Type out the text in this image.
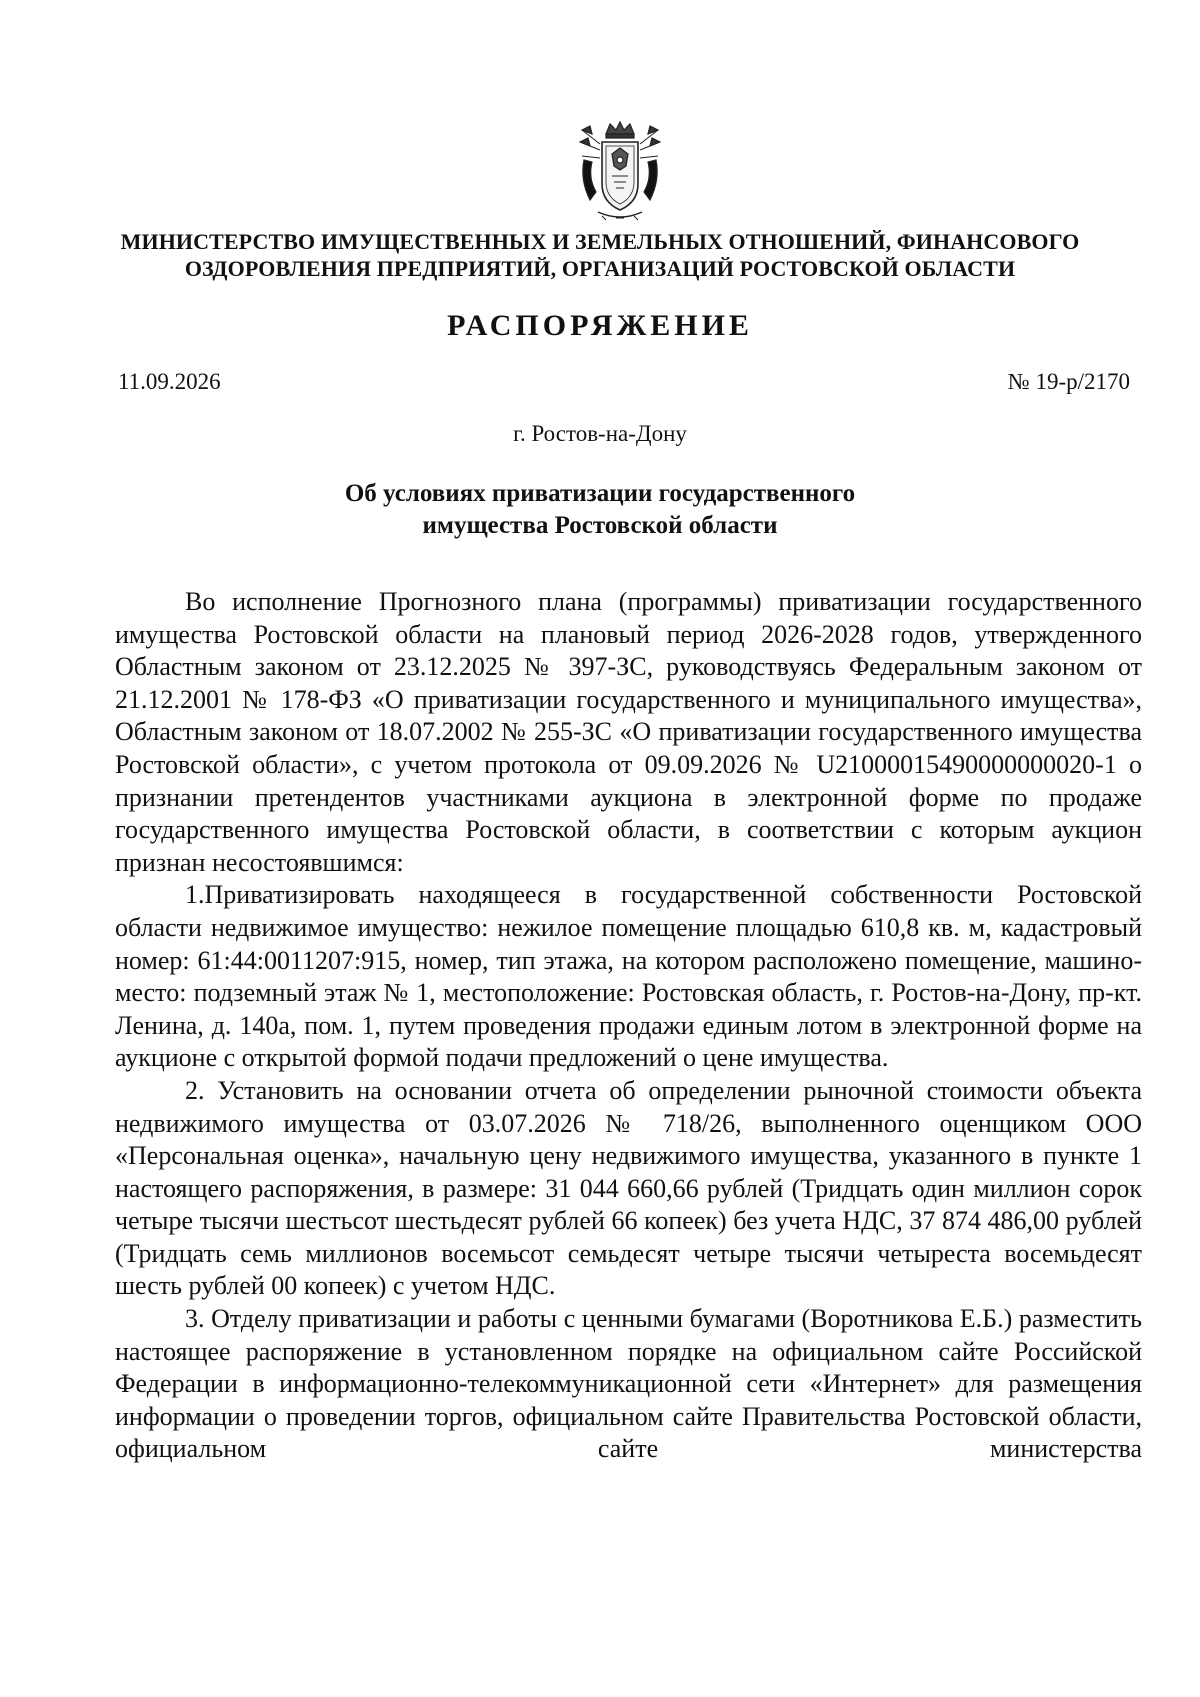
МИНИСТЕРСТВО ИМУЩЕСТВЕННЫХ И ЗЕМЕЛЬНЫХ ОТНОШЕНИЙ, ФИНАНСОВОГО
ОЗДОРОВЛЕНИЯ ПРЕДПРИЯТИЙ, ОРГАНИЗАЦИЙ РОСТОВСКОЙ ОБЛАСТИ
РАСПОРЯЖЕНИЕ
11.09.2026	№ 19-р/2170
г. Ростов-на-Дону
Об условиях приватизации государственного
имущества Ростовской области

Во исполнение Прогнозного плана (программы) приватизации государственного имущества Ростовской области на плановый период 2026-2028 годов, утвержденного Областным законом от 23.12.2025 № 397-ЗС, руководствуясь Федеральным законом от 21.12.2001 № 178-ФЗ «О приватизации государственного и муниципального имущества», Областным законом от 18.07.2002 № 255-ЗС «О приватизации государственного имущества Ростовской области», с учетом протокола от 09.09.2026 № U21000015490000000020-1 о признании претендентов участниками аукциона в электронной форме по продаже государственного имущества Ростовской области, в соответствии с которым аукцион признан несостоявшимся:

1.Приватизировать находящееся в государственной собственности Ростовской области недвижимое имущество: нежилое помещение площадью 610,8 кв. м, кадастровый номер: 61:44:0011207:915, номер, тип этажа, на котором расположено помещение, машино-место: подземный этаж № 1, местоположение: Ростовская область, г. Ростов-на-Дону, пр-кт. Ленина, д. 140а, пом. 1, путем проведения продажи единым лотом в электронной форме на аукционе с открытой формой подачи предложений о цене имущества.

2. Установить на основании отчета об определении рыночной стоимости объекта недвижимого имущества от 03.07.2026 № 718/26, выполненного оценщиком ООО «Персональная оценка», начальную цену недвижимого имущества, указанного в пункте 1 настоящего распоряжения, в размере: 31 044 660,66 рублей (Тридцать один миллион сорок четыре тысячи шестьсот шестьдесят рублей 66 копеек) без учета НДС, 37 874 486,00 рублей (Тридцать семь миллионов восемьсот семьдесят четыре тысячи четыреста восемьдесят шесть рублей 00 копеек) с учетом НДС.

3. Отделу приватизации и работы с ценными бумагами (Воротникова Е.Б.) разместить настоящее распоряжение в установленном порядке на официальном сайте Российской Федерации в информационно-телекоммуникационной сети «Интернет» для размещения информации о проведении торгов, официальном сайте Правительства Ростовской области, официальном сайте министерства
